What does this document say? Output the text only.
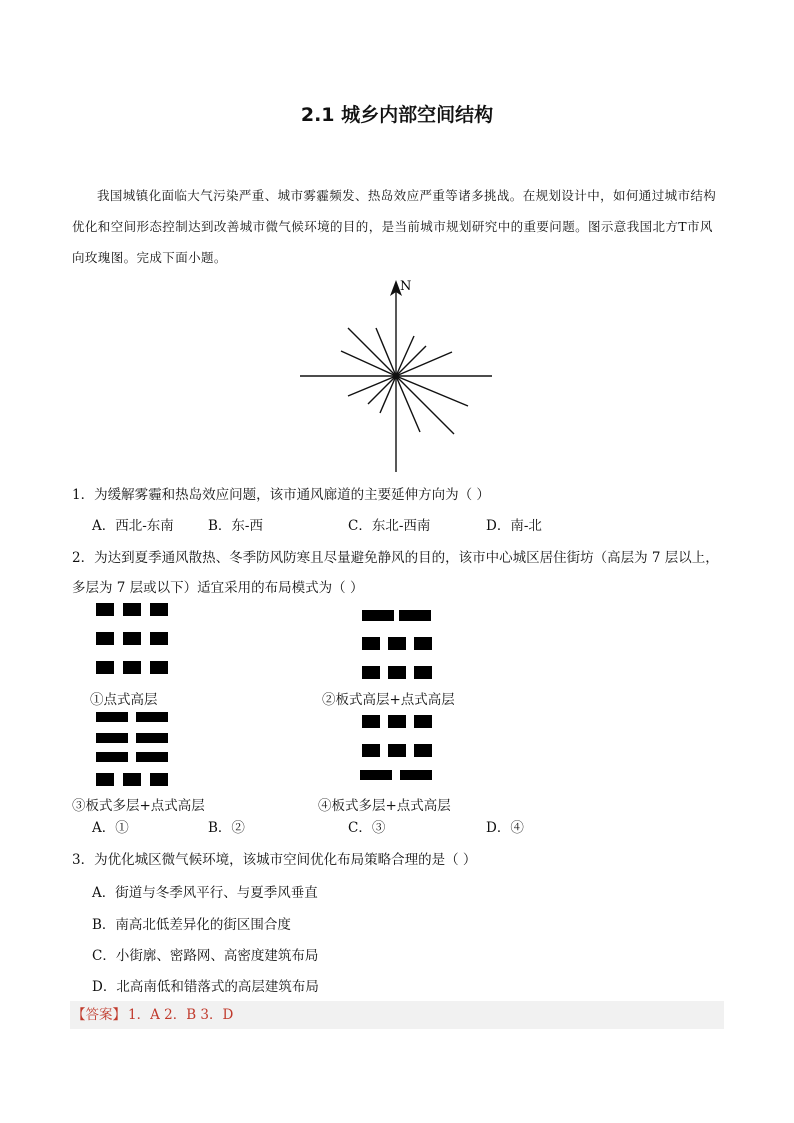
2.1 城乡内部空间结构

我国城镇化面临大气污染严重、城市雾霾频发、热岛效应严重等诸多挑战。在规划设计中，如何通过城市结构优化和空间形态控制达到改善城市微气候环境的目的，是当前城市规划研究中的重要问题。图示意我国北方T市风向玫瑰图。完成下面小题。

N

1．为缓解雾霾和热岛效应问题，该市通风廊道的主要延伸方向为（ ）

A．西北-东南	B．东-西	C．东北-西南	D．南-北

2．为达到夏季通风散热、冬季防风防寒且尽量避免静风的目的，该市中心城区居住街坊（高层为 7 层以上，多层为 7 层或以下）适宜采用的布局模式为（ ）

①点式高层	②板式高层+点式高层
③板式多层+点式高层	④板式多层+点式高层
A．①	B．②	C．③	D．④

3．为优化城区微气候环境，该城市空间优化布局策略合理的是（ ）

A．街道与冬季风平行、与夏季风垂直
B．南高北低差异化的街区围合度
C．小街廓、密路网、高密度建筑布局
D．北高南低和错落式的高层建筑布局
【答案】 1．A 2．B 3．D
